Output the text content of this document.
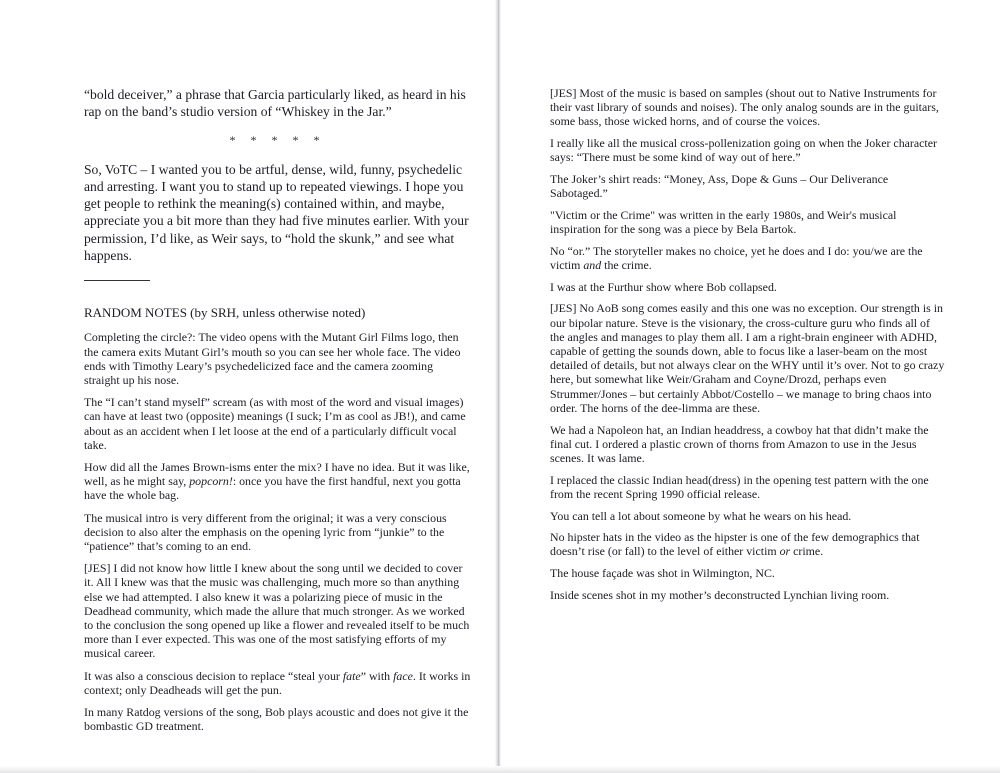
“bold deceiver,” a phrase that Garcia particularly liked, as heard in his rap on the band’s studio version of “Whiskey in the Jar.”

* * * * *

So, VoTC – I wanted you to be artful, dense, wild, funny, psychedelic and arresting. I want you to stand up to repeated viewings. I hope you get people to rethink the meaning(s) contained within, and maybe, appreciate you a bit more than they had five minutes earlier. With your permission, I’d like, as Weir says, to “hold the skunk,” and see what happens.

RANDOM NOTES (by SRH, unless otherwise noted)

Completing the circle?: The video opens with the Mutant Girl Films logo, then the camera exits Mutant Girl’s mouth so you can see her whole face. The video ends with Timothy Leary’s psychedelicized face and the camera zooming straight up his nose.

The “I can’t stand myself” scream (as with most of the word and visual images) can have at least two (opposite) meanings (I suck; I’m as cool as JB!), and came about as an accident when I let loose at the end of a particularly difficult vocal take.

How did all the James Brown-isms enter the mix? I have no idea. But it was like, well, as he might say, popcorn!: once you have the first handful, next you gotta have the whole bag.

The musical intro is very different from the original; it was a very conscious decision to also alter the emphasis on the opening lyric from “junkie” to the “patience” that’s coming to an end.

[JES] I did not know how little I knew about the song until we decided to cover it. All I knew was that the music was challenging, much more so than anything else we had attempted. I also knew it was a polarizing piece of music in the Deadhead community, which made the allure that much stronger. As we worked to the conclusion the song opened up like a flower and revealed itself to be much more than I ever expected. This was one of the most satisfying efforts of my musical career.

It was also a conscious decision to replace “steal your fate” with face. It works in context; only Deadheads will get the pun.

In many Ratdog versions of the song, Bob plays acoustic and does not give it the bombastic GD treatment.

[JES] Most of the music is based on samples (shout out to Native Instruments for their vast library of sounds and noises). The only analog sounds are in the guitars, some bass, those wicked horns, and of course the voices.

I really like all the musical cross-pollenization going on when the Joker character says: “There must be some kind of way out of here.”

The Joker’s shirt reads: “Money, Ass, Dope & Guns – Our Deliverance Sabotaged.”

"Victim or the Crime" was written in the early 1980s, and Weir's musical inspiration for the song was a piece by Bela Bartok.

No “or.” The storyteller makes no choice, yet he does and I do: you/we are the victim and the crime.

I was at the Furthur show where Bob collapsed.

[JES] No AoB song comes easily and this one was no exception. Our strength is in our bipolar nature. Steve is the visionary, the cross-culture guru who finds all of the angles and manages to play them all. I am a right-brain engineer with ADHD, capable of getting the sounds down, able to focus like a laser-beam on the most detailed of details, but not always clear on the WHY until it’s over. Not to go crazy here, but somewhat like Weir/Graham and Coyne/Drozd, perhaps even Strummer/Jones – but certainly Abbot/Costello – we manage to bring chaos into order. The horns of the dee-limma are these.

We had a Napoleon hat, an Indian headdress, a cowboy hat that didn’t make the final cut. I ordered a plastic crown of thorns from Amazon to use in the Jesus scenes. It was lame.

I replaced the classic Indian head(dress) in the opening test pattern with the one from the recent Spring 1990 official release.

You can tell a lot about someone by what he wears on his head.

No hipster hats in the video as the hipster is one of the few demographics that doesn’t rise (or fall) to the level of either victim or crime.

The house façade was shot in Wilmington, NC.

Inside scenes shot in my mother’s deconstructed Lynchian living room.
